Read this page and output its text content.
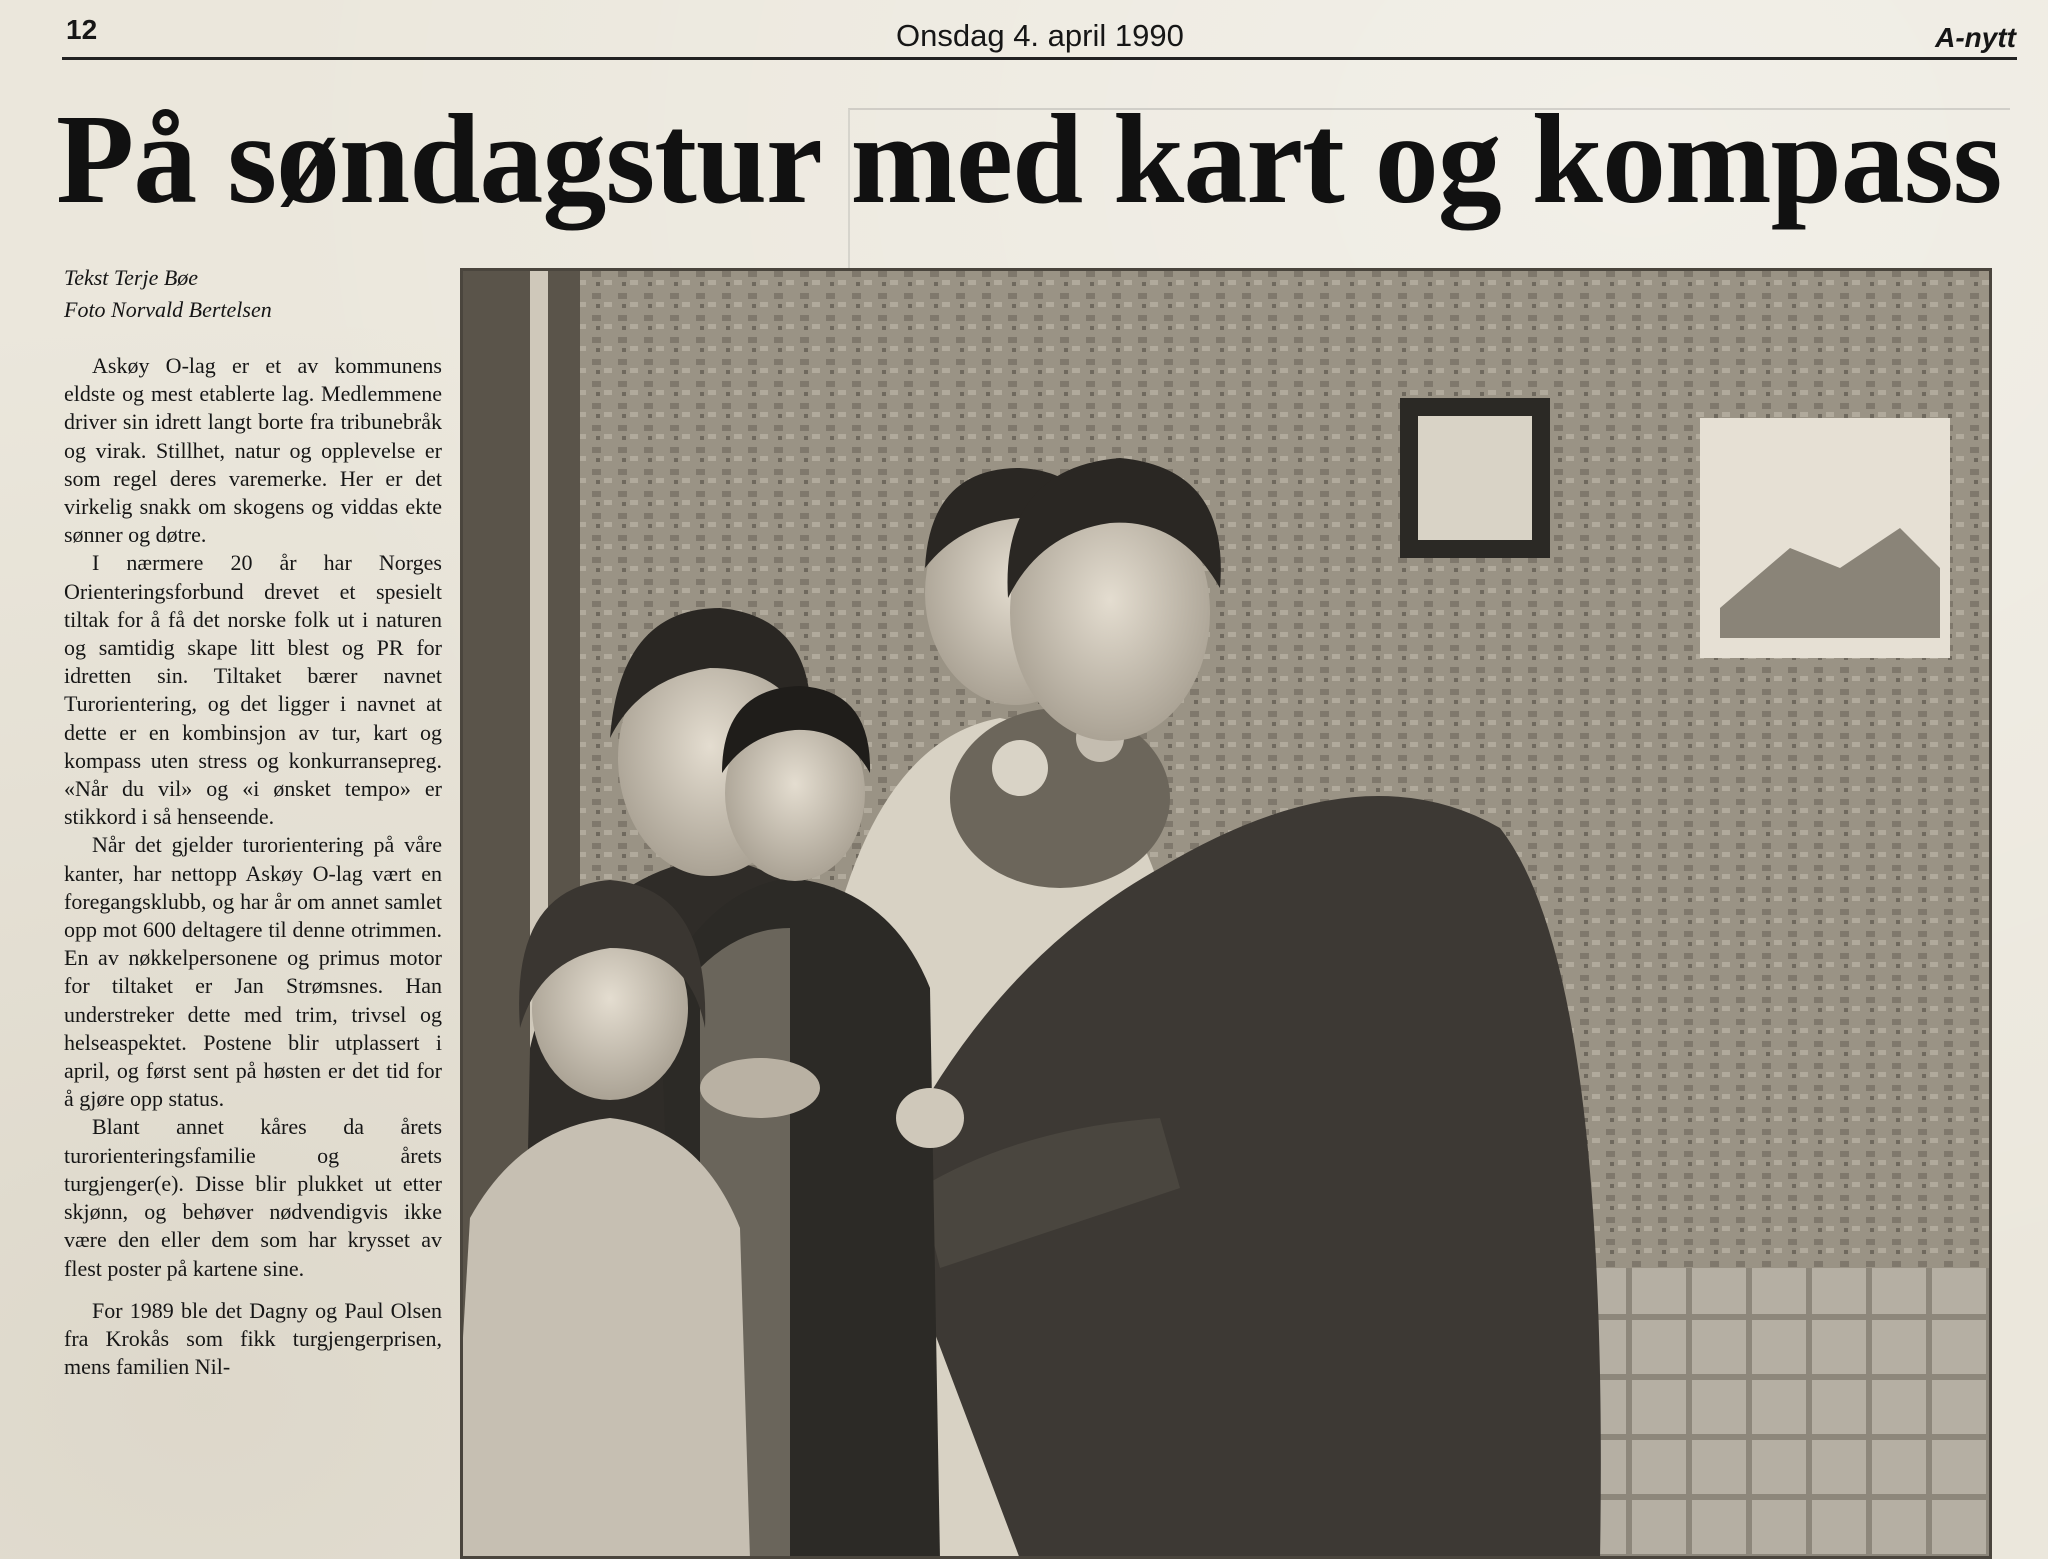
12	Onsdag 4. april 1990	A-nytt
På søndagstur med kart og kompass
Tekst Terje Bøe
Foto Norvald Bertelsen

Askøy O-lag er et av kommunens eldste og mest etablerte lag. Medlemmene driver sin idrett langt borte fra tribunebråk og virak. Stillhet, natur og opplevelse er som regel deres varemerke. Her er det virkelig snakk om skogens og viddas ekte sønner og døtre.

I nærmere 20 år har Norges Orienteringsforbund drevet et spesielt tiltak for å få det norske folk ut i naturen og samtidig skape litt blest og PR for idretten sin. Tiltaket bærer navnet Turorientering, og det ligger i navnet at dette er en kombinsjon av tur, kart og kompass uten stress og konkurransepreg. «Når du vil» og «i ønsket tempo» er stikkord i så henseende.

Når det gjelder turorientering på våre kanter, har nettopp Askøy O-lag vært en foregangsklubb, og har år om annet samlet opp mot 600 deltagere til denne otrimmen. En av nøkkelpersonene og primus motor for tiltaket er Jan Strømsnes. Han understreker dette med trim, trivsel og helseaspektet. Postene blir utplassert i april, og først sent på høsten er det tid for å gjøre opp status.

Blant annet kåres da årets turorienteringsfamilie og årets turgjenger(e). Disse blir plukket ut etter skjønn, og behøver nødvendigvis ikke være den eller dem som har krysset av flest poster på kartene sine.

For 1989 ble det Dagny og Paul Olsen fra Krokås som fikk turgjengerprisen, mens familien Nil-
